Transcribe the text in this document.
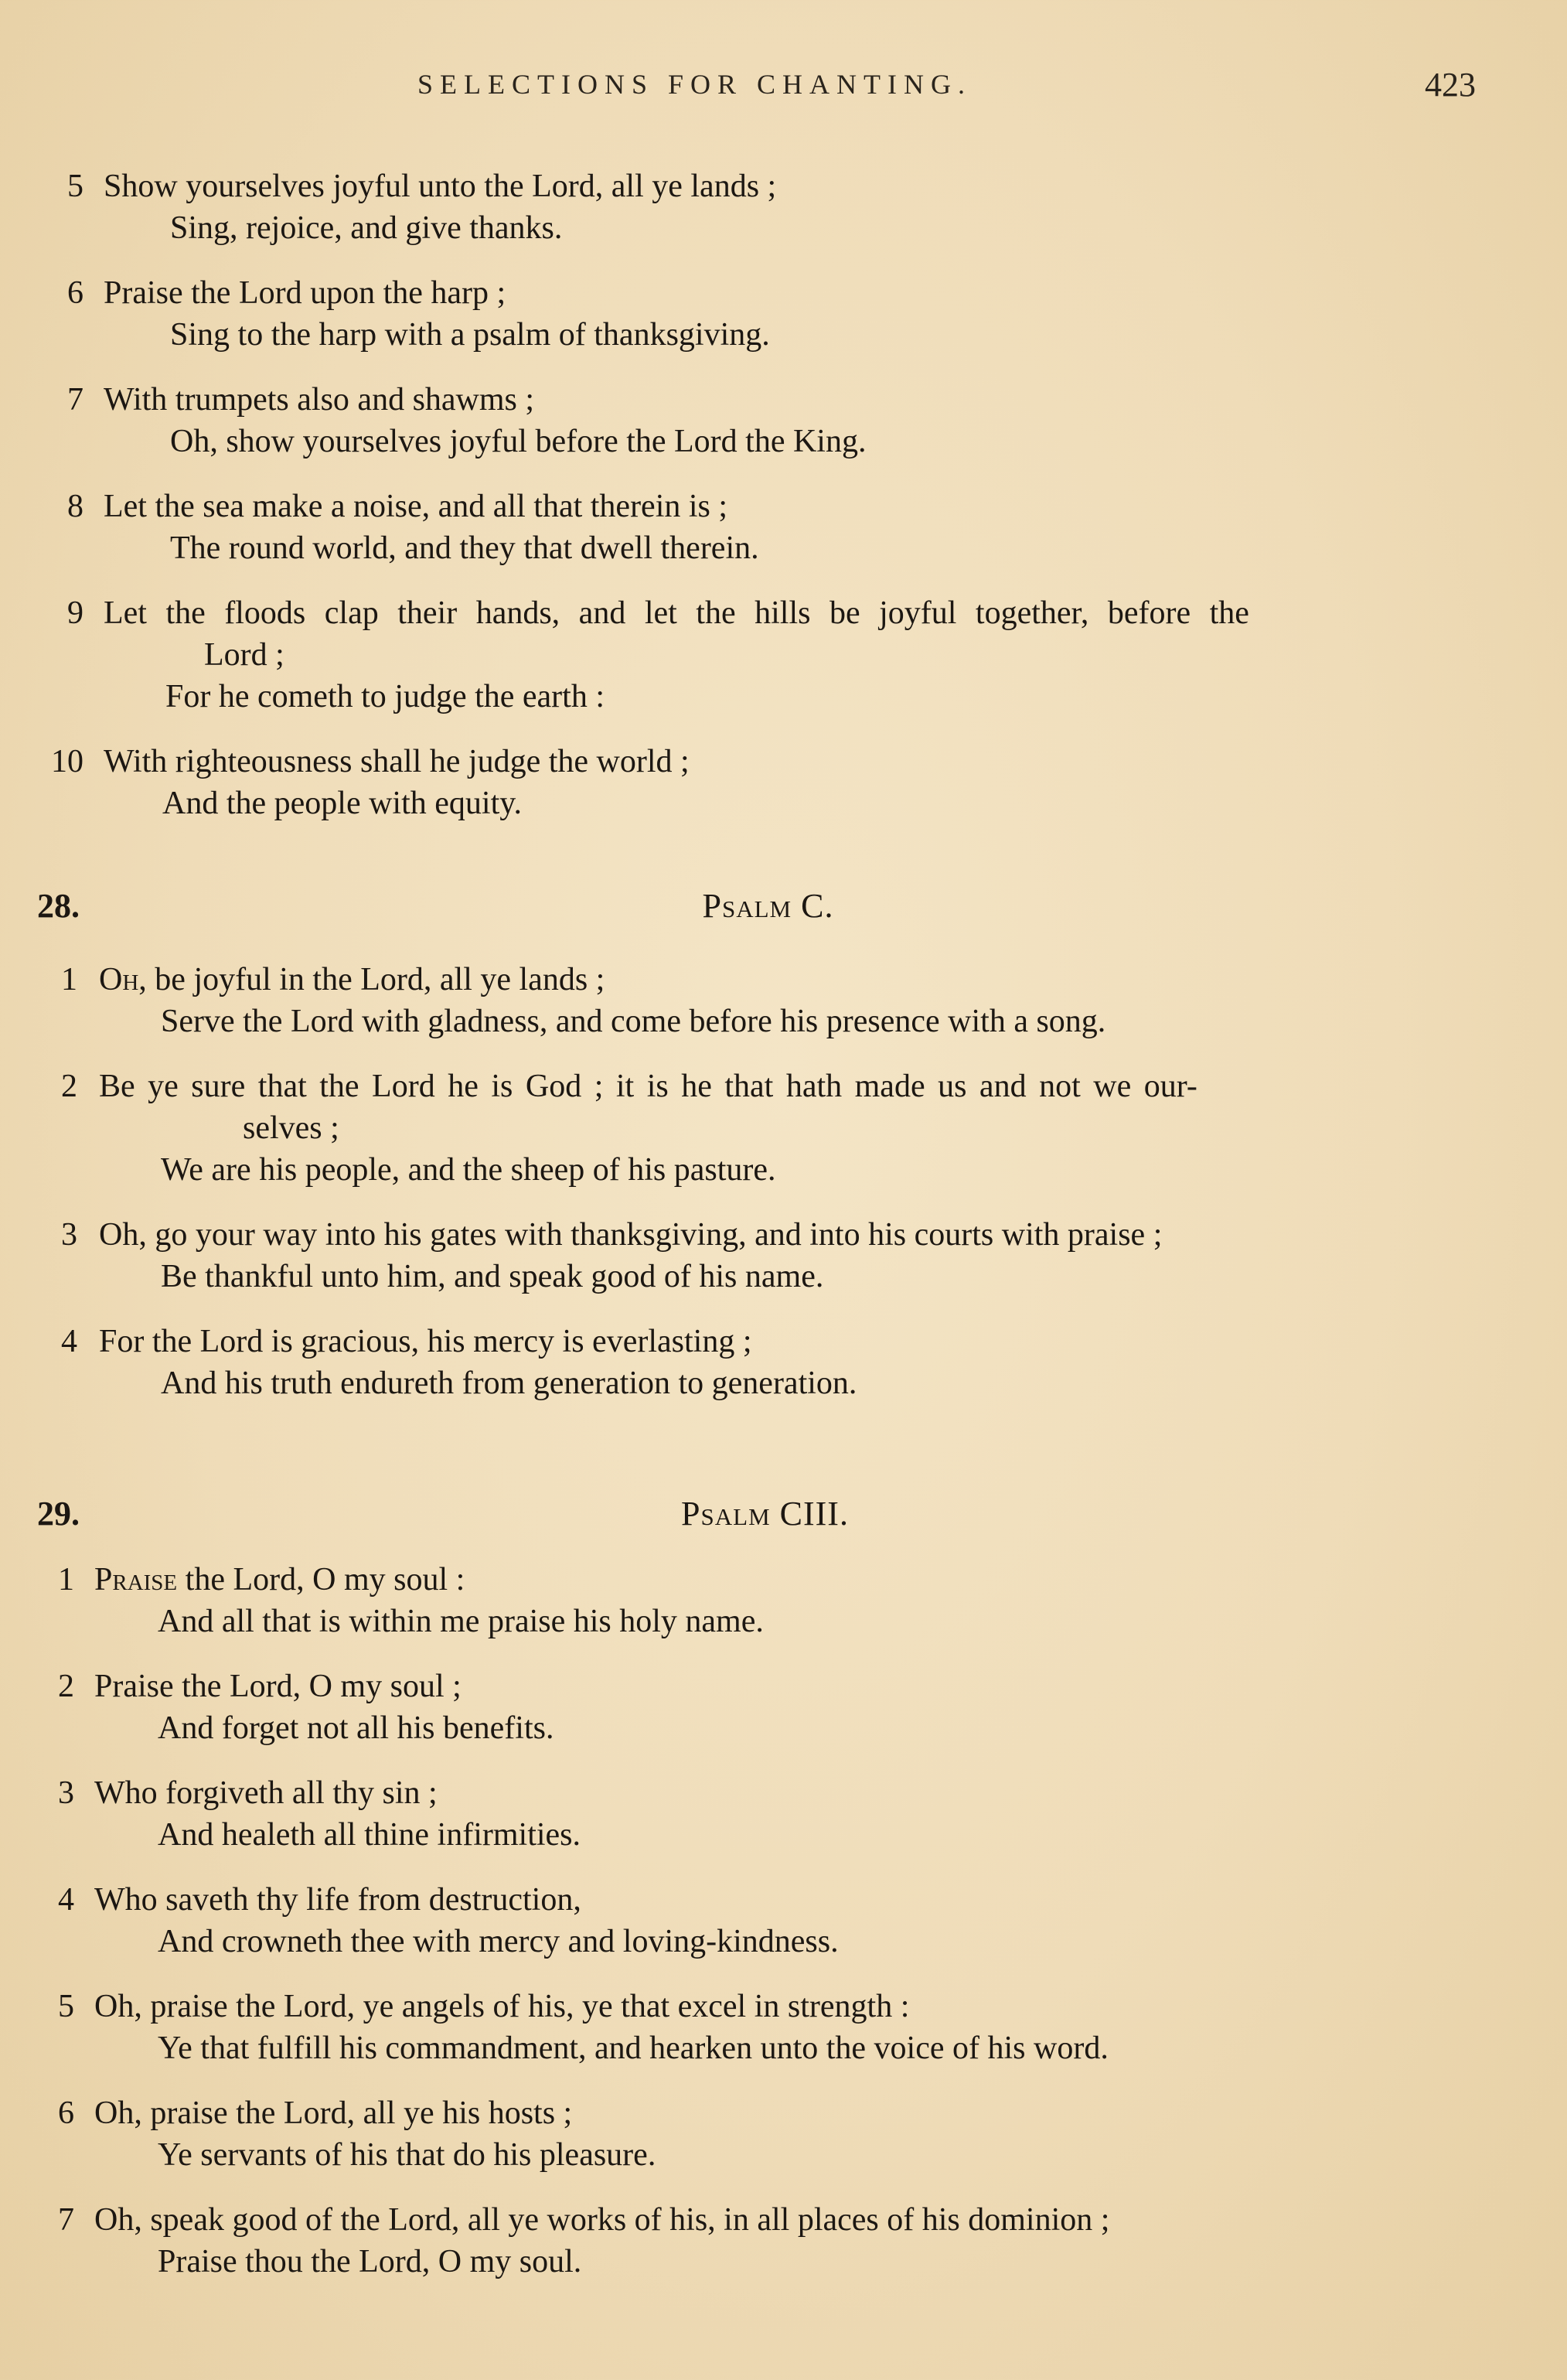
SELECTIONS FOR CHANTING.	423
5 Show yourselves joyful unto the Lord, all ye lands ;
Sing, rejoice, and give thanks.
6 Praise the Lord upon the harp ;
Sing to the harp with a psalm of thanksgiving.
7 With trumpets also and shawms ;
Oh, show yourselves joyful before the Lord the King.
8 Let the sea make a noise, and all that therein is ;
The round world, and they that dwell therein.
9 Let the floods clap their hands, and let the hills be joyful together, before the
Lord ;
For he cometh to judge the earth :
10 With righteousness shall he judge the world ;
And the people with equity.
28.	Psalm C.
1 Oh, be joyful in the Lord, all ye lands ;
Serve the Lord with gladness, and come before his presence with a song.
2 Be ye sure that the Lord he is God ; it is he that hath made us and not we our-
selves ;
We are his people, and the sheep of his pasture.
3 Oh, go your way into his gates with thanksgiving, and into his courts with praise ;
Be thankful unto him, and speak good of his name.
4 For the Lord is gracious, his mercy is everlasting ;
And his truth endureth from generation to generation.
29.	Psalm CIII.
1 Praise the Lord, O my soul :
And all that is within me praise his holy name.
2 Praise the Lord, O my soul ;
And forget not all his benefits.
3 Who forgiveth all thy sin ;
And healeth all thine infirmities.
4 Who saveth thy life from destruction,
And crowneth thee with mercy and loving-kindness.
5 Oh, praise the Lord, ye angels of his, ye that excel in strength :
Ye that fulfill his commandment, and hearken unto the voice of his word.
6 Oh, praise the Lord, all ye his hosts ;
Ye servants of his that do his pleasure.
7 Oh, speak good of the Lord, all ye works of his, in all places of his dominion ;
Praise thou the Lord, O my soul.
